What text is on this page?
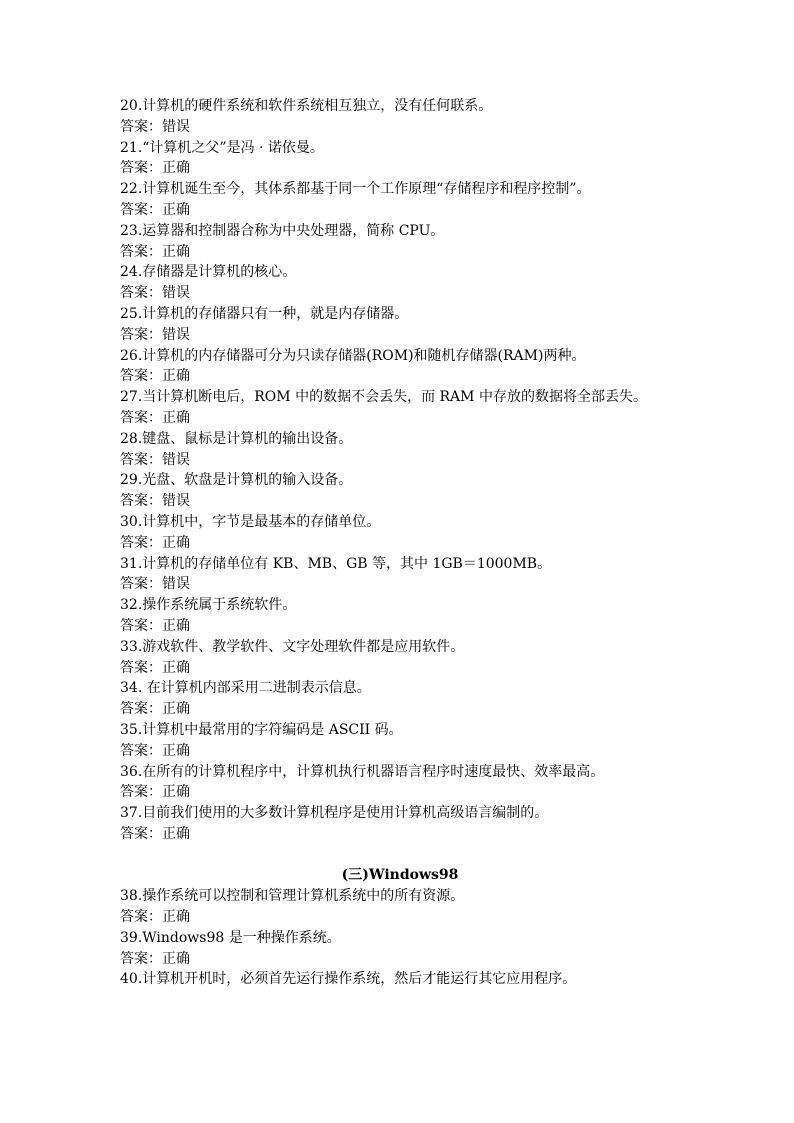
20.计算机的硬件系统和软件系统相互独立，没有任何联系。
答案：错误
21.“计算机之父”是冯 · 诺依曼。
答案：正确
22.计算机诞生至今，其体系都基于同一个工作原理“存储程序和程序控制”。
答案：正确
23.运算器和控制器合称为中央处理器，简称 CPU。
答案：正确
24.存储器是计算机的核心。
答案：错误
25.计算机的存储器只有一种，就是内存储器。
答案：错误
26.计算机的内存储器可分为只读存储器(ROM)和随机存储器(RAM)两种。
答案：正确
27.当计算机断电后，ROM 中的数据不会丢失，而 RAM 中存放的数据将全部丢失。
答案：正确
28.键盘、鼠标是计算机的输出设备。
答案：错误
29.光盘、软盘是计算机的输入设备。
答案：错误
30.计算机中，字节是最基本的存储单位。
答案：正确
31.计算机的存储单位有 KB、MB、GB 等，其中 1GB＝1000MB。
答案：错误
32.操作系统属于系统软件。
答案：正确
33.游戏软件、教学软件、文字处理软件都是应用软件。
答案：正确
34. 在计算机内部采用二进制表示信息。
答案：正确
35.计算机中最常用的字符编码是 ASCII 码。
答案：正确
36.在所有的计算机程序中，计算机执行机器语言程序时速度最快、效率最高。
答案：正确
37.目前我们使用的大多数计算机程序是使用计算机高级语言编制的。
答案：正确
(三)Windows98
38.操作系统可以控制和管理计算机系统中的所有资源。
答案：正确
39.Windows98 是一种操作系统。
答案：正确
40.计算机开机时，必须首先运行操作系统，然后才能运行其它应用程序。
